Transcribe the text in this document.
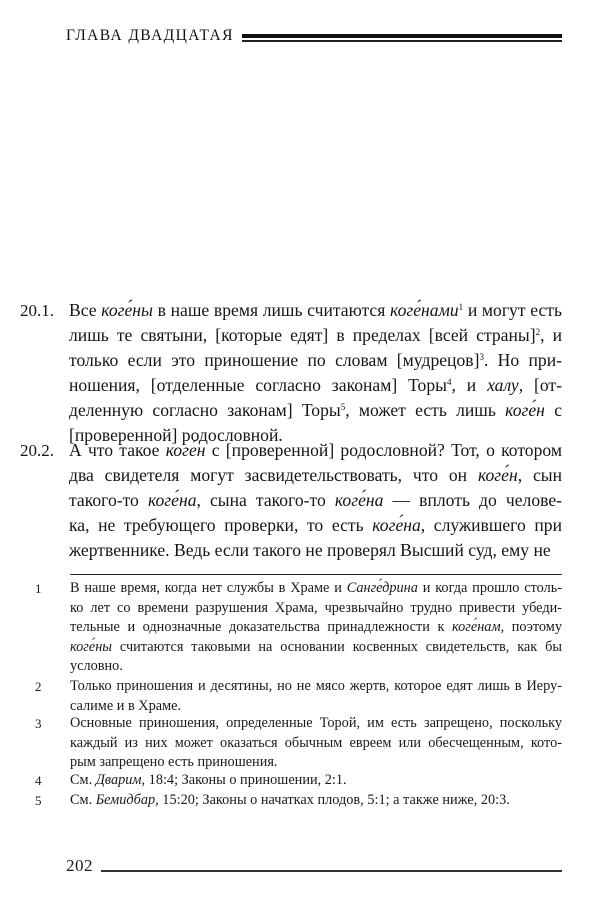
ГЛАВА ДВАДЦАТАЯ
20.1. Все коге́ны в наше время лишь считаются коге́нами$^1$ и могут есть
лишь те святыни, [которые едят] в пределах [всей страны]$^2$, и
только если это приношение по словам [мудрецов]$^3$. Но при-
ношения, [отделенные согласно законам] Торы$^4$, и халу, [от-
деленную согласно законам] Торы$^5$, может есть лишь коге́н с
[проверенной] родословной.
20.2. А что такое коге́н с [проверенной] родословной? Тот, о котором
два свидетеля могут засвидетельствовать, что он коге́н, сын
такого-то коге́на, сына такого-то коге́на — вплоть до челове-
ка, не требующего проверки, то есть коге́на, служившего при
жертвеннике. Ведь если такого не проверял Высший суд, ему не
1 В наше время, когда нет службы в Храме и Санге́дрина и когда прошло столь-
ко лет со времени разрушения Храма, чрезвычайно трудно привести убеди-
тельные и однозначные доказательства принадлежности к коге́нам, поэтому
коге́ны считаются таковыми на основании косвенных свидетельств, как бы
условно.
2 Только приношения и десятины, но не мясо жертв, которое едят лишь в Иеру-
салиме и в Храме.
3 Основные приношения, определенные Торой, им есть запрещено, поскольку
каждый из них может оказаться обычным евреем или обесчещенным, кото-
рым запрещено есть приношения.
4 См. Дварим, 18:4; Законы о приношении, 2:1.
5 См. Бемидбар, 15:20; Законы о начатках плодов, 5:1; а также ниже, 20:3.
202
